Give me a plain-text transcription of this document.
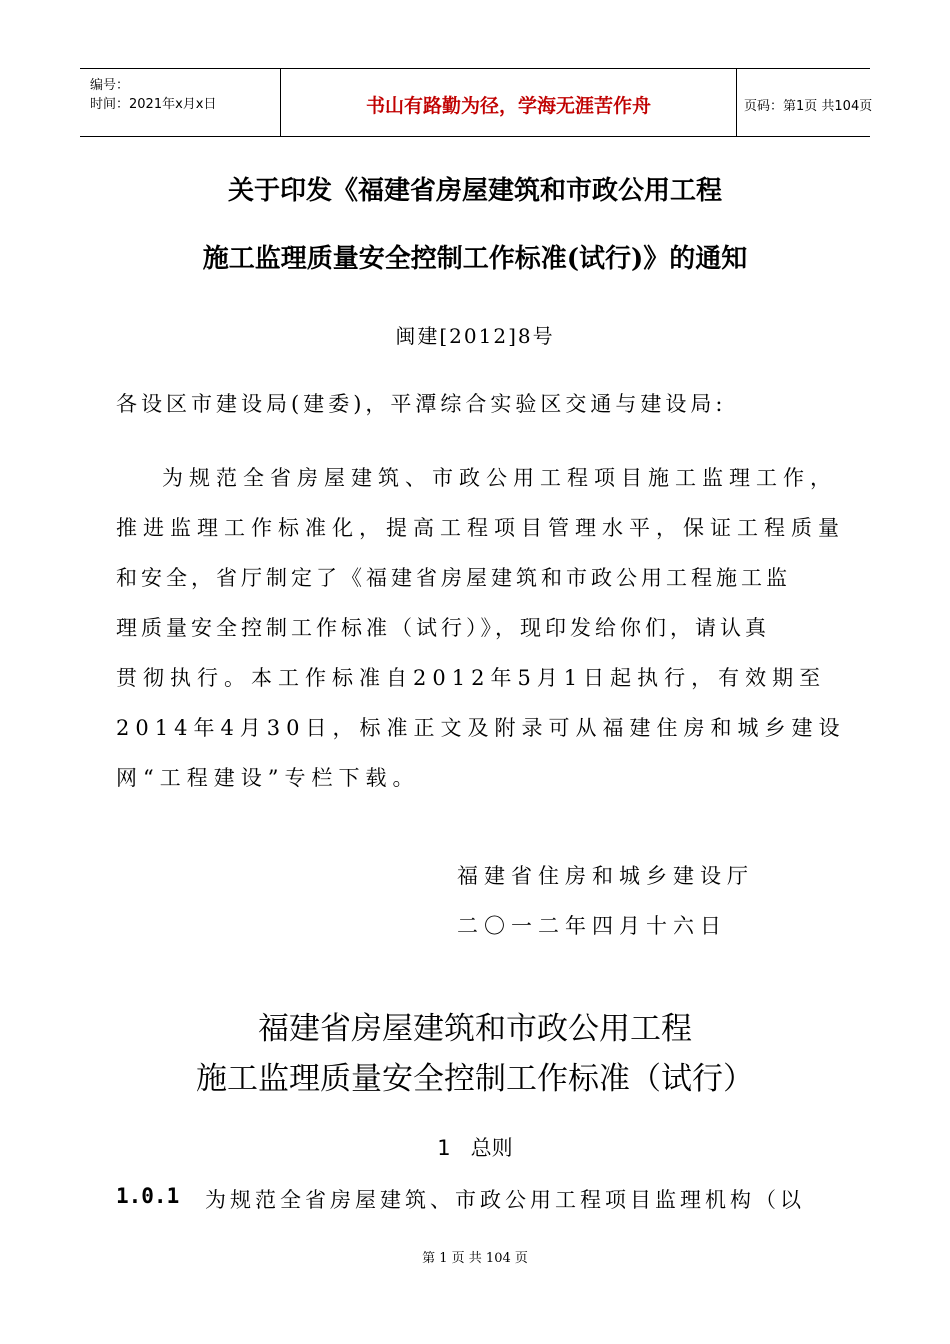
编号：
时间：2021年x月x日	书山有路勤为径，学海无涯苦作舟	页码：第1页 共104页
关于印发《福建省房屋建筑和市政公用工程
施工监理质量安全控制工作标准(试行)》的通知
闽建[2012]8号
各设区市建设局(建委)，平潭综合实验区交通与建设局:
为规范全省房屋建筑、市政公用工程项目施工监理工作，
推进监理工作标准化，提高工程项目管理水平，保证工程质量
和安全，省厅制定了《福建省房屋建筑和市政公用工程施工监
理质量安全控制工作标准（试行）》，现印发给你们，请认真
贯彻执行。本工作标准自2012年5月1日起执行，有效期至
2014年4月30日，标准正文及附录可从福建住房和城乡建设
网“工程建设”专栏下载。
福建省住房和城乡建设厅
二〇一二年四月十六日
福建省房屋建筑和市政公用工程
施工监理质量安全控制工作标准（试行）
1   总则
1.0.1 为规范全省房屋建筑、市政公用工程项目监理机构（以
第 1 页 共 104 页
